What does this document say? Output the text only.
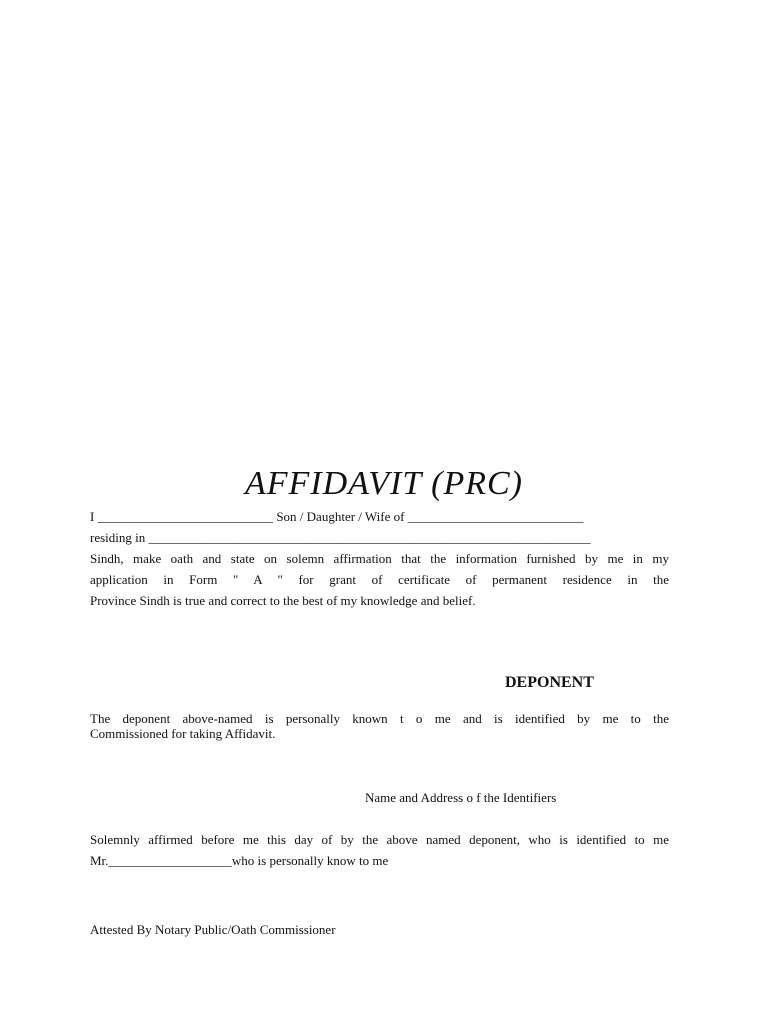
AFFIDAVIT (PRC)
I ___________________________ Son / Daughter / Wife of ___________________________
residing in ____________________________________________________________________
Sindh, make oath and state on solemn affirmation that the information furnished by me in my
application in Form " A " for grant of certificate of permanent residence in the
Province Sindh is true and correct to the best of my knowledge and belief.
DEPONENT
The deponent above-named is personally known t o me and is identified by me to the
Commissioned for taking Affidavit.
Name and Address o f the Identifiers
Solemnly affirmed before me this day of by the above named deponent, who is identified to me
Mr.___________________who is personally know to me
Attested By Notary Public/Oath Commissioner
